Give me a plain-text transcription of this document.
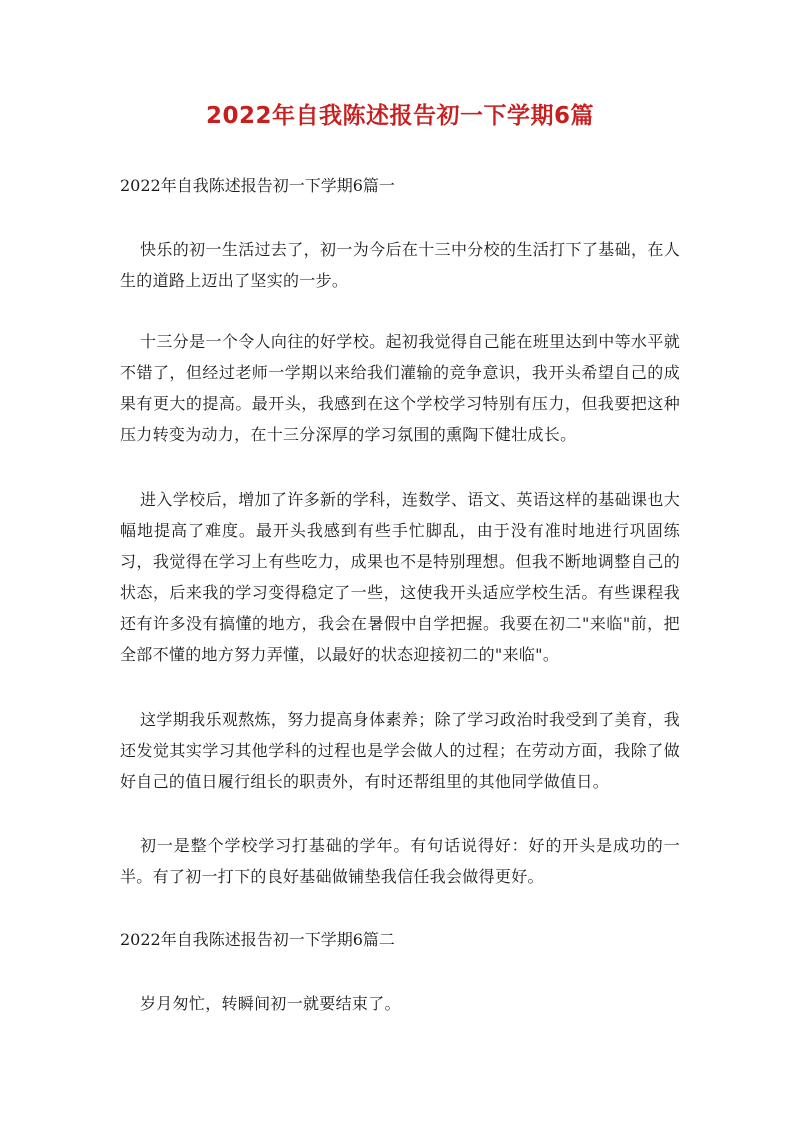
2022年自我陈述报告初一下学期6篇
2022年自我陈述报告初一下学期6篇一

快乐的初一生活过去了，初一为今后在十三中分校的生活打下了基础，在人生的道路上迈出了坚实的一步。

十三分是一个令人向往的好学校。起初我觉得自己能在班里达到中等水平就不错了，但经过老师一学期以来给我们灌输的竞争意识，我开头希望自己的成果有更大的提高。最开头，我感到在这个学校学习特别有压力，但我要把这种压力转变为动力，在十三分深厚的学习氛围的熏陶下健壮成长。

进入学校后，增加了许多新的学科，连数学、语文、英语这样的基础课也大幅地提高了难度。最开头我感到有些手忙脚乱，由于没有准时地进行巩固练习，我觉得在学习上有些吃力，成果也不是特别理想。但我不断地调整自己的状态，后来我的学习变得稳定了一些，这使我开头适应学校生活。有些课程我还有许多没有搞懂的地方，我会在暑假中自学把握。我要在初二"来临"前，把全部不懂的地方努力弄懂，以最好的状态迎接初二的"来临"。

这学期我乐观熬炼，努力提高身体素养；除了学习政治时我受到了美育，我还发觉其实学习其他学科的过程也是学会做人的过程；在劳动方面，我除了做好自己的值日履行组长的职责外，有时还帮组里的其他同学做值日。

初一是整个学校学习打基础的学年。有句话说得好：好的开头是成功的一半。有了初一打下的良好基础做铺垫我信任我会做得更好。

2022年自我陈述报告初一下学期6篇二

岁月匆忙，转瞬间初一就要结束了。
